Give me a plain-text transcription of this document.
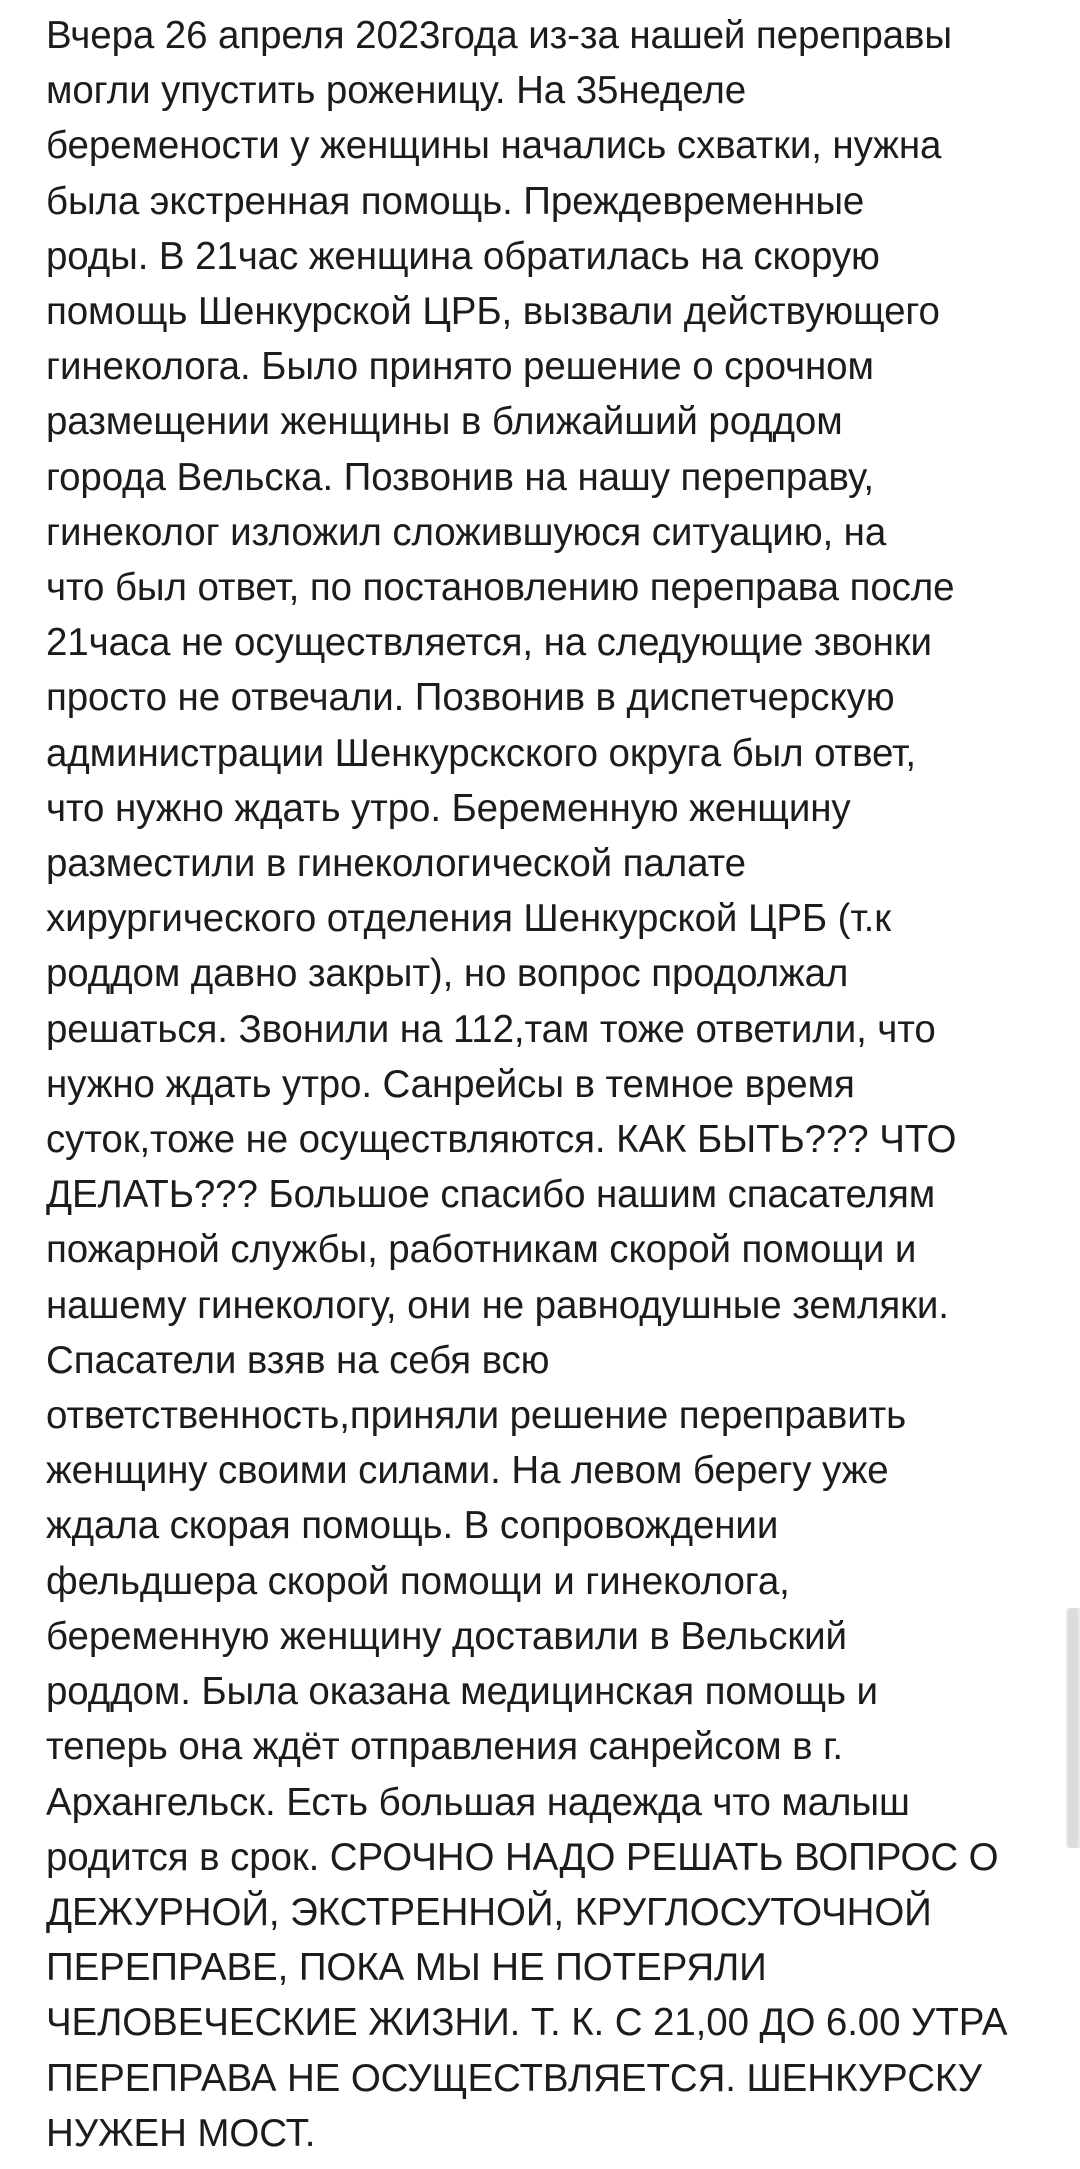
Вчера 26 апреля 2023года из-за нашей переправы
могли упустить роженицу. На 35неделе
беремености у женщины начались схватки, нужна
была экстренная помощь. Преждевременные
роды. В 21час женщина обратилась на скорую
помощь Шенкурской ЦРБ, вызвали действующего
гинеколога. Было принято решение о срочном
размещении женщины в ближайший роддом
города Вельска. Позвонив на нашу переправу,
гинеколог изложил сложившуюся ситуацию, на
что был ответ, по постановлению переправа после
21часа не осуществляется, на следующие звонки
просто не отвечали. Позвонив в диспетчерскую
администрации Шенкурскского округа был ответ,
что нужно ждать утро. Беременную женщину
разместили в гинекологической палате
хирургического отделения Шенкурской ЦРБ (т.к
роддом давно закрыт), но вопрос продолжал
решаться. Звонили на 112,там тоже ответили, что
нужно ждать утро. Санрейсы в темное время
суток,тоже не осуществляются. КАК БЫТЬ??? ЧТО
ДЕЛАТЬ??? Большое спасибо нашим спасателям
пожарной службы, работникам скорой помощи и
нашему гинекологу, они не равнодушные земляки.
Спасатели взяв на себя всю
ответственность,приняли решение переправить
женщину своими силами. На левом берегу уже
ждала скорая помощь. В сопровождении
фельдшера скорой помощи и гинеколога,
беременную женщину доставили в Вельский
роддом. Была оказана медицинская помощь и
теперь она ждёт отправления санрейсом в г.
Архангельск. Есть большая надежда что малыш
родится в срок. СРОЧНО НАДО РЕШАТЬ ВОПРОС О
ДЕЖУРНОЙ, ЭКСТРЕННОЙ, КРУГЛОСУТОЧНОЙ
ПЕРЕПРАВЕ, ПОКА МЫ НЕ ПОТЕРЯЛИ
ЧЕЛОВЕЧЕСКИЕ ЖИЗНИ. Т. К. С 21,00 ДО 6.00 УТРА
ПЕРЕПРАВА НЕ ОСУЩЕСТВЛЯЕТСЯ. ШЕНКУРСКУ
НУЖЕН МОСТ.
